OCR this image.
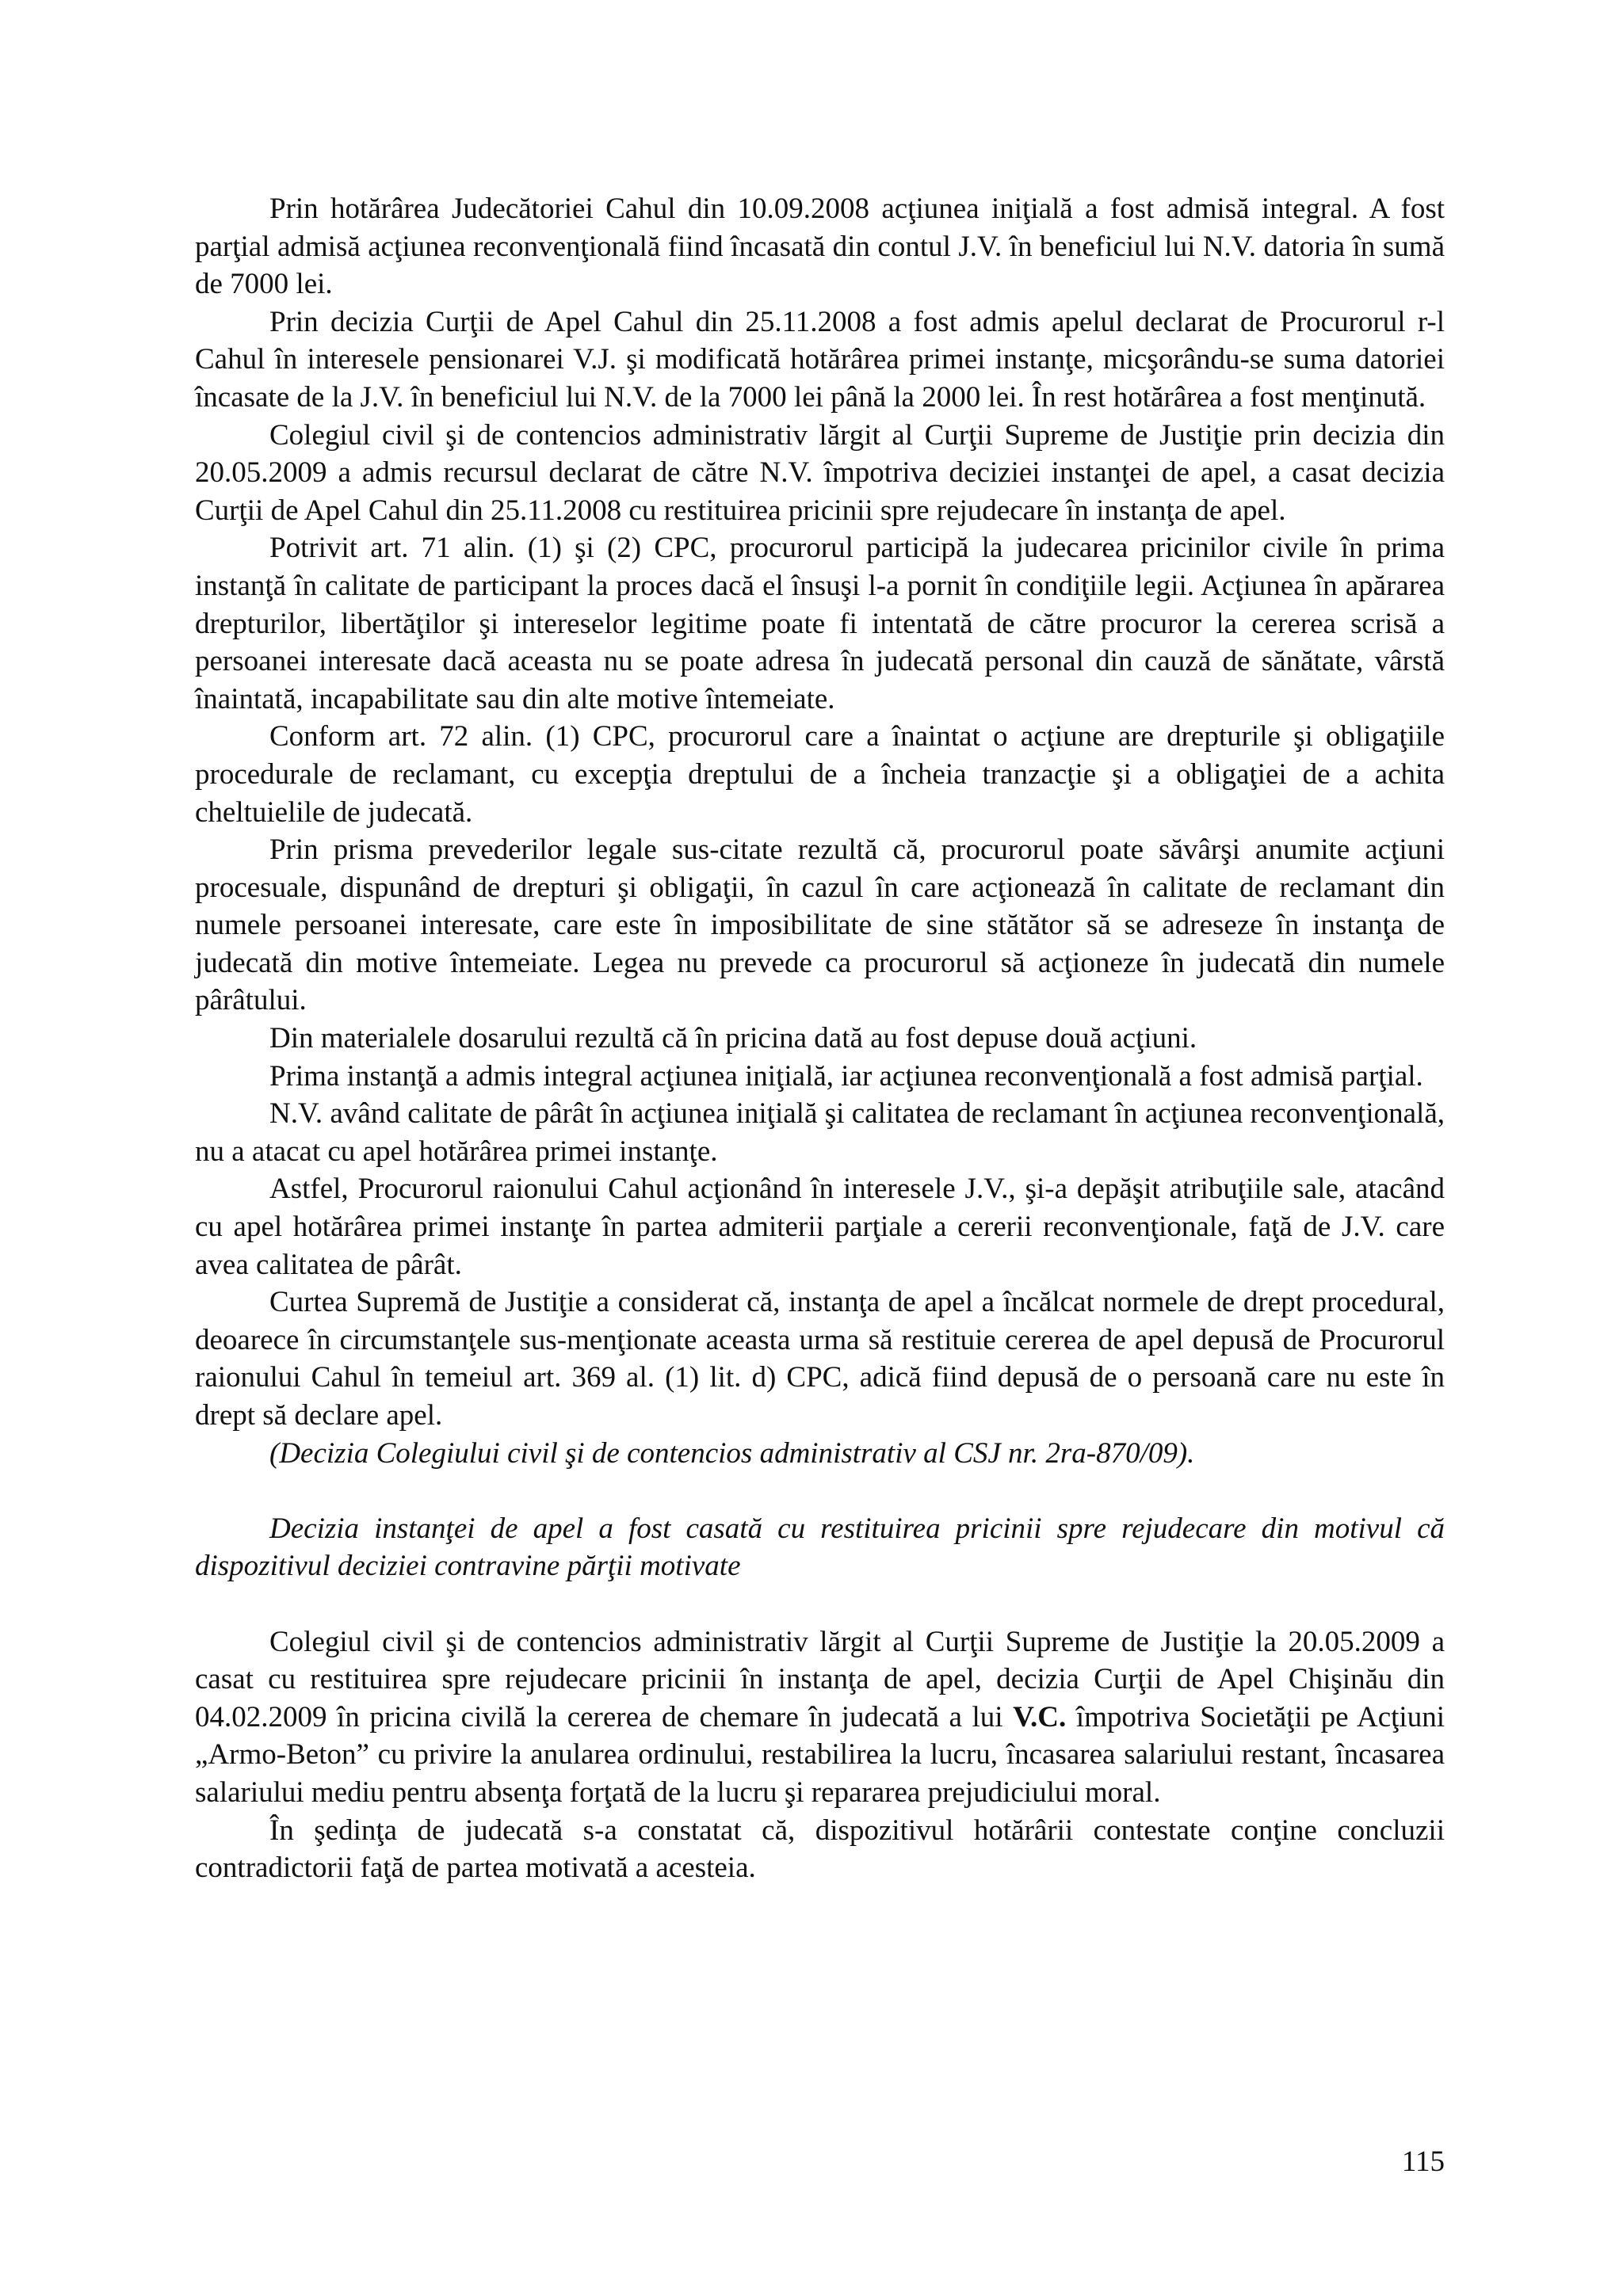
Prin hotărârea Judecătoriei Cahul din 10.09.2008 acţiunea iniţială a fost admisă integral. A fost parţial admisă acţiunea reconvenţională fiind încasată din contul J.V. în beneficiul lui N.V. datoria în sumă de 7000 lei.

Prin decizia Curţii de Apel Cahul din 25.11.2008 a fost admis apelul declarat de Procurorul r-l Cahul în interesele pensionarei V.J. şi modificată hotărârea primei instanţe, micşorându-se suma datoriei încasate de la J.V. în beneficiul lui N.V. de la 7000 lei până la 2000 lei. În rest hotărârea a fost menţinută.

Colegiul civil şi de contencios administrativ lărgit al Curţii Supreme de Justiţie prin decizia din 20.05.2009 a admis recursul declarat de către N.V. împotriva deciziei instanţei de apel, a casat decizia Curţii de Apel Cahul din 25.11.2008 cu restituirea pricinii spre rejudecare în instanţa de apel.

Potrivit art. 71 alin. (1) şi (2) CPC, procurorul participă la judecarea pricinilor civile în prima instanţă în calitate de participant la proces dacă el însuşi l-a pornit în condiţiile legii. Acţiunea în apărarea drepturilor, libertăţilor şi intereselor legitime poate fi intentată de către procuror la cererea scrisă a persoanei interesate dacă aceasta nu se poate adresa în judecată personal din cauză de sănătate, vârstă înaintată, incapabilitate sau din alte motive întemeiate.

Conform art. 72 alin. (1) CPC, procurorul care a înaintat o acţiune are drepturile şi obligaţiile procedurale de reclamant, cu excepţia dreptului de a încheia tranzacţie şi a obligaţiei de a achita cheltuielile de judecată.

Prin prisma prevederilor legale sus-citate rezultă că, procurorul poate săvârşi anumite acţiuni procesuale, dispunând de drepturi şi obligaţii, în cazul în care acţionează în calitate de reclamant din numele persoanei interesate, care este în imposibilitate de sine stătător să se adreseze în instanţa de judecată din motive întemeiate. Legea nu prevede ca procurorul să acţioneze în judecată din numele pârâtului.

Din materialele dosarului rezultă că în pricina dată au fost depuse două acţiuni.

Prima instanţă a admis integral acţiunea iniţială, iar acţiunea reconvenţională a fost admisă parţial.

N.V. având calitate de pârât în acţiunea iniţială şi calitatea de reclamant în acţiunea reconvenţională, nu a atacat cu apel hotărârea primei instanţe.

Astfel, Procurorul raionului Cahul acţionând în interesele J.V., şi-a depăşit atribuţiile sale, atacând cu apel hotărârea primei instanţe în partea admiterii parţiale a cererii reconvenţionale, faţă de J.V. care avea calitatea de pârât.

Curtea Supremă de Justiţie a considerat că, instanţa de apel a încălcat normele de drept procedural, deoarece în circumstanţele sus-menţionate aceasta urma să restituie cererea de apel depusă de Procurorul raionului Cahul în temeiul art. 369 al. (1) lit. d) CPC, adică fiind depusă de o persoană care nu este în drept să declare apel.

(Decizia Colegiului civil şi de contencios administrativ al CSJ nr. 2ra-870/09).

Decizia instanţei de apel a fost casată cu restituirea pricinii spre rejudecare din motivul că dispozitivul deciziei contravine părţii motivate

Colegiul civil şi de contencios administrativ lărgit al Curţii Supreme de Justiţie la 20.05.2009 a casat cu restituirea spre rejudecare pricinii în instanţa de apel, decizia Curţii de Apel Chişinău din 04.02.2009 în pricina civilă la cererea de chemare în judecată a lui V.C. împotriva Societăţii pe Acţiuni „Armo-Beton” cu privire la anularea ordinului, restabilirea la lucru, încasarea salariului restant, încasarea salariului mediu pentru absenţa forţată de la lucru şi repararea prejudiciului moral.

În şedinţa de judecată s-a constatat că, dispozitivul hotărârii contestate conţine concluzii contradictorii faţă de partea motivată a acesteia.

115
